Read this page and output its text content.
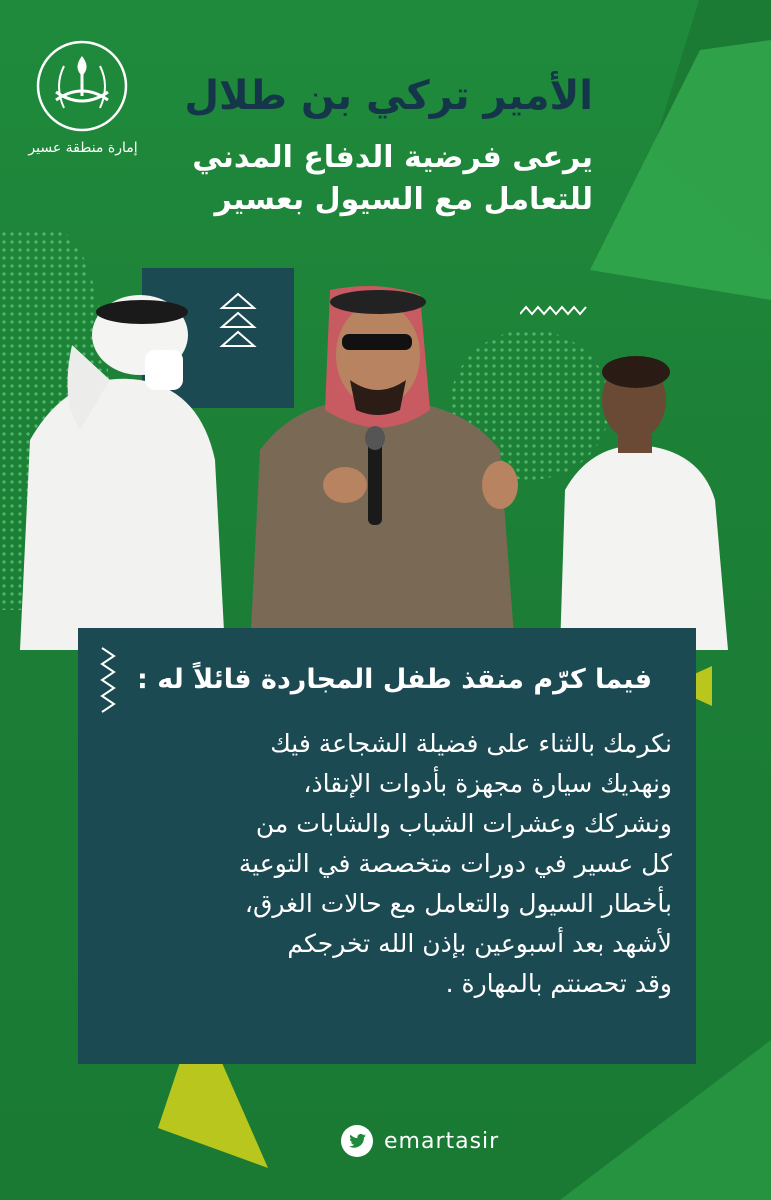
إمارة منطقة عسير
الأمير تركي بن طلال
يرعى فرضية الدفاع المدني
للتعامل مع السيول بعسير
فيما كرّم منقذ طفل المجاردة قائلاً له :
نكرمك بالثناء على فضيلة الشجاعة فيك
ونهديك سيارة مجهزة بأدوات الإنقاذ،
ونشركك وعشرات الشباب والشابات من
كل عسير في دورات متخصصة في التوعية
بأخطار السيول والتعامل مع حالات الغرق،
لأشهد بعد أسبوعين بإذن الله تخرجكم
وقد تحصنتم بالمهارة .
emartasir
